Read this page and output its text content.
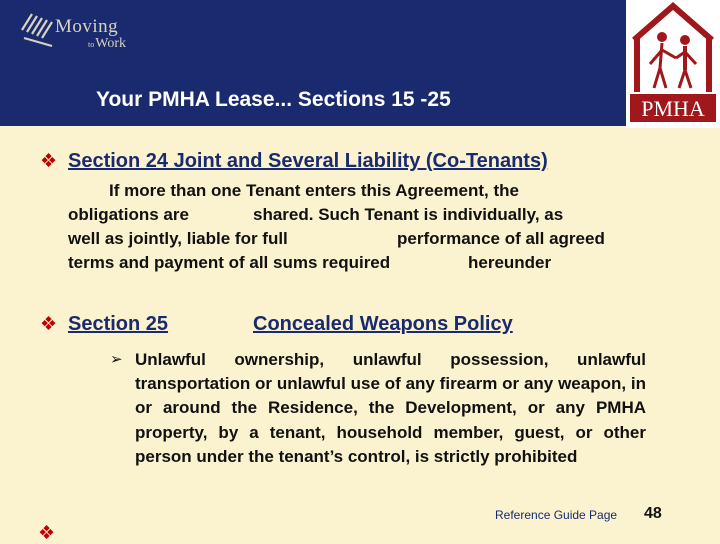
Moving
toWork
Your PMHA Lease... Sections 15 -25	PMHA
❖ Section 24 Joint and Several Liability (Co-Tenants)
If more than one Tenant enters this Agreement, the
obligations are	shared. Such Tenant is individually, as
well as jointly, liable for full	performance of all agreed
terms and payment of all sums required	hereunder
❖ Section 25	Concealed Weapons Policy
➢ Unlawful ownership, unlawful possession, unlawful transportation or unlawful use of any firearm or any weapon, in or around the Residence, the Development, or any PMHA property, by a tenant, household member, guest, or other person under the tenant’s control, is strictly prohibited
Reference Guide Page 48
❖
